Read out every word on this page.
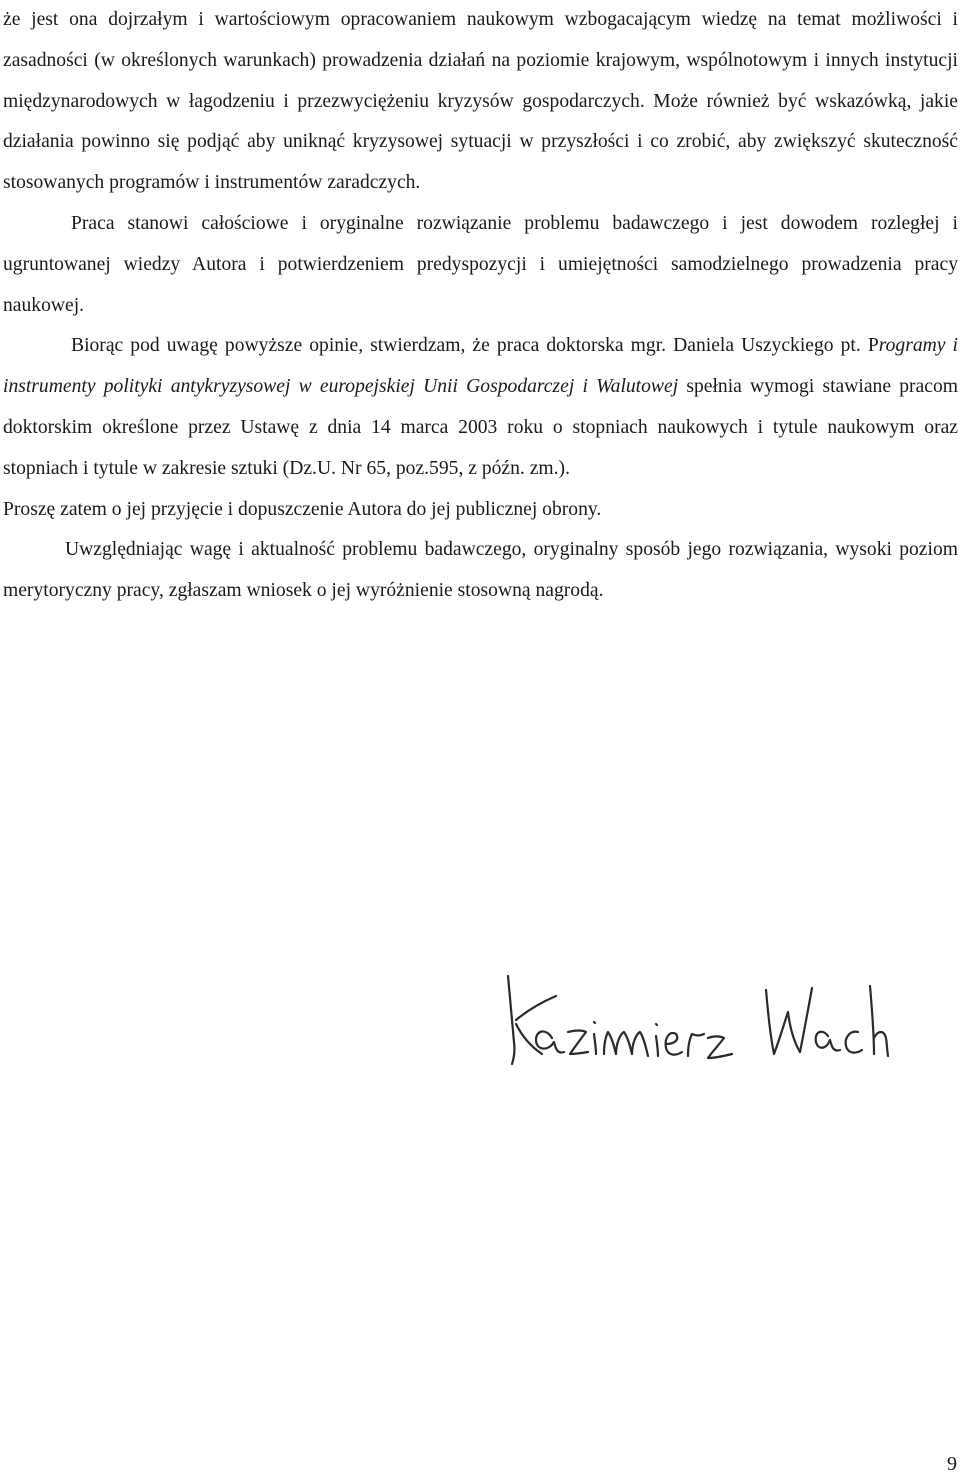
że jest ona dojrzałym i wartościowym opracowaniem naukowym wzbogacającym wiedzę na temat możliwości i zasadności (w określonych warunkach) prowadzenia działań na poziomie krajowym, wspólnotowym i innych instytucji międzynarodowych w łagodzeniu i przezwyciężeniu kryzysów gospodarczych. Może również być wskazówką, jakie działania powinno się podjąć aby uniknąć kryzysowej sytuacji w przyszłości i co zrobić, aby zwiększyć skuteczność stosowanych programów i instrumentów zaradczych.

Praca stanowi całościowe i oryginalne rozwiązanie problemu badawczego i jest dowodem rozległej i ugruntowanej wiedzy Autora i potwierdzeniem predyspozycji i umiejętności samodzielnego prowadzenia pracy naukowej.

Biorąc pod uwagę powyższe opinie, stwierdzam, że praca doktorska mgr. Daniela Uszyckiego pt. Programy i instrumenty polityki antykryzysowej w europejskiej Unii Gospodarczej i Walutowej spełnia wymogi stawiane pracom doktorskim określone przez Ustawę z dnia 14 marca 2003 roku o stopniach naukowych i tytule naukowym oraz stopniach i tytule w zakresie sztuki (Dz.U. Nr 65, poz.595, z późn. zm.).

Proszę zatem o jej przyjęcie i dopuszczenie Autora do jej publicznej obrony.

Uwzględniając wagę i aktualność problemu badawczego, oryginalny sposób jego rozwiązania, wysoki poziom merytoryczny pracy, zgłaszam wniosek o jej wyróżnienie stosowną nagrodą.

9
